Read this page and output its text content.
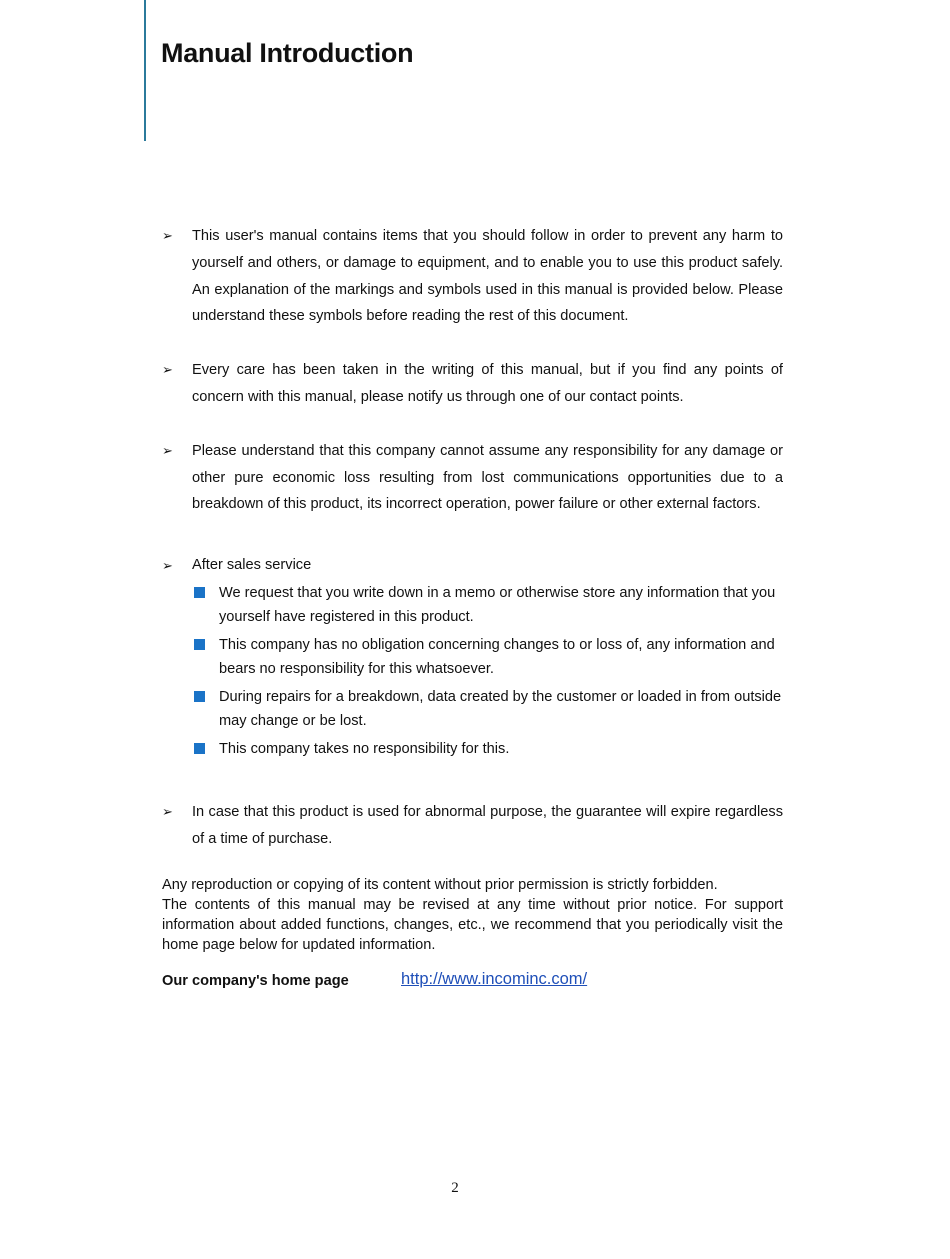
Manual Introduction
➢ This user's manual contains items that you should follow in order to prevent any harm to yourself and others, or damage to equipment, and to enable you to use this product safely. An explanation of the markings and symbols used in this manual is provided below. Please understand these symbols before reading the rest of this document.
➢ Every care has been taken in the writing of this manual, but if you find any points of concern with this manual, please notify us through one of our contact points.
➢ Please understand that this company cannot assume any responsibility for any damage or other pure economic loss resulting from lost communications opportunities due to a breakdown of this product, its incorrect operation, power failure or other external factors.
➢ After sales service
We request that you write down in a memo or otherwise store any information that you yourself have registered in this product.
This company has no obligation concerning changes to or loss of, any information and bears no responsibility for this whatsoever.
During repairs for a breakdown, data created by the customer or loaded in from outside may change or be lost.
This company takes no responsibility for this.
➢ In case that this product is used for abnormal purpose, the guarantee will expire regardless of a time of purchase.

Any reproduction or copying of its content without prior permission is strictly forbidden.

The contents of this manual may be revised at any time without prior notice. For support information about added functions, changes, etc., we recommend that you periodically visit the home page below for updated information.

Our company's home page	http://www.incominc.com/
2
